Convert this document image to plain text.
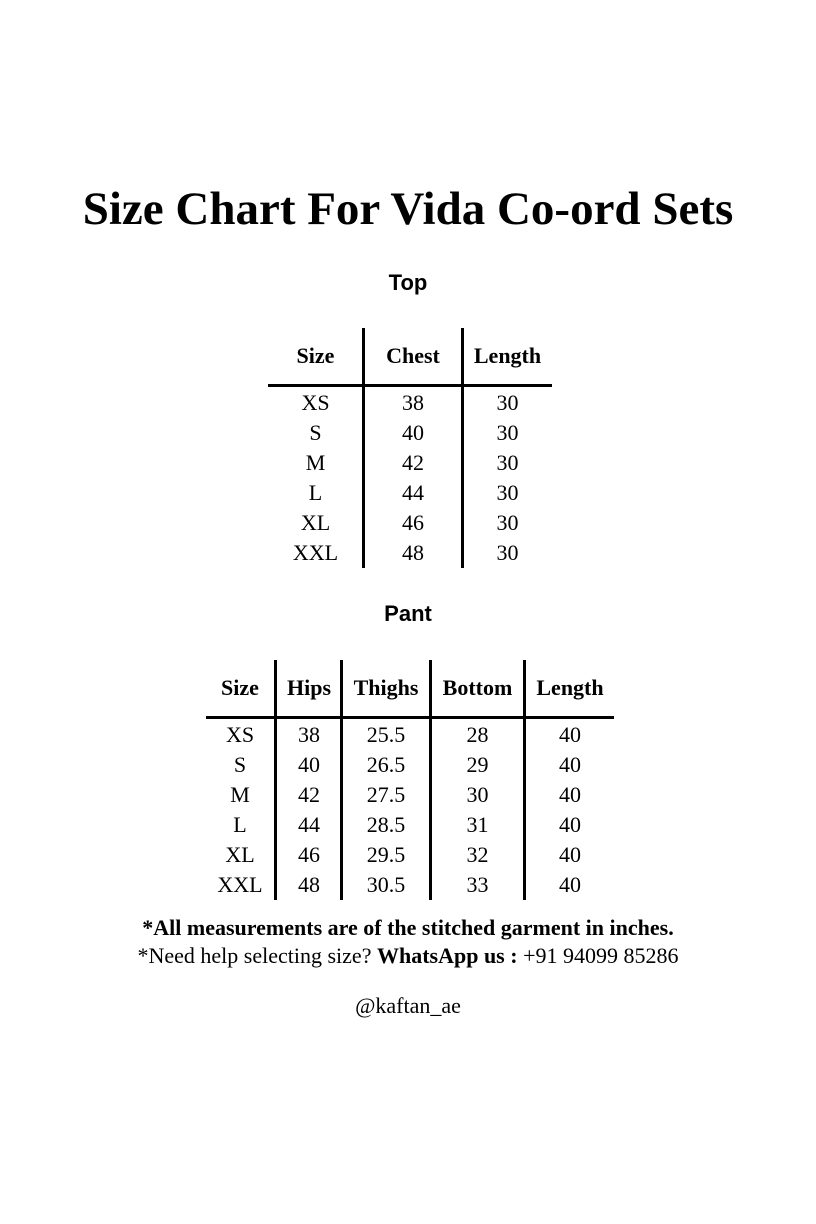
Size Chart For Vida Co-ord Sets
Top
Size
XS
S
M
L
XL
XXL
Chest
38
40
42
44
46
48
Length
30
30
30
30
30
30
Pant
Size
XS
S
M
L
XL
XXL
Hips
38
40
42
44
46
48
Thighs
25.5
26.5
27.5
28.5
29.5
30.5
Bottom
28
29
30
31
32
33
Length
40
40
40
40
40
40

*All measurements are of the stitched garment in inches.

*Need help selecting size? WhatsApp us : +91 94099 85286

@kaftan_ae
